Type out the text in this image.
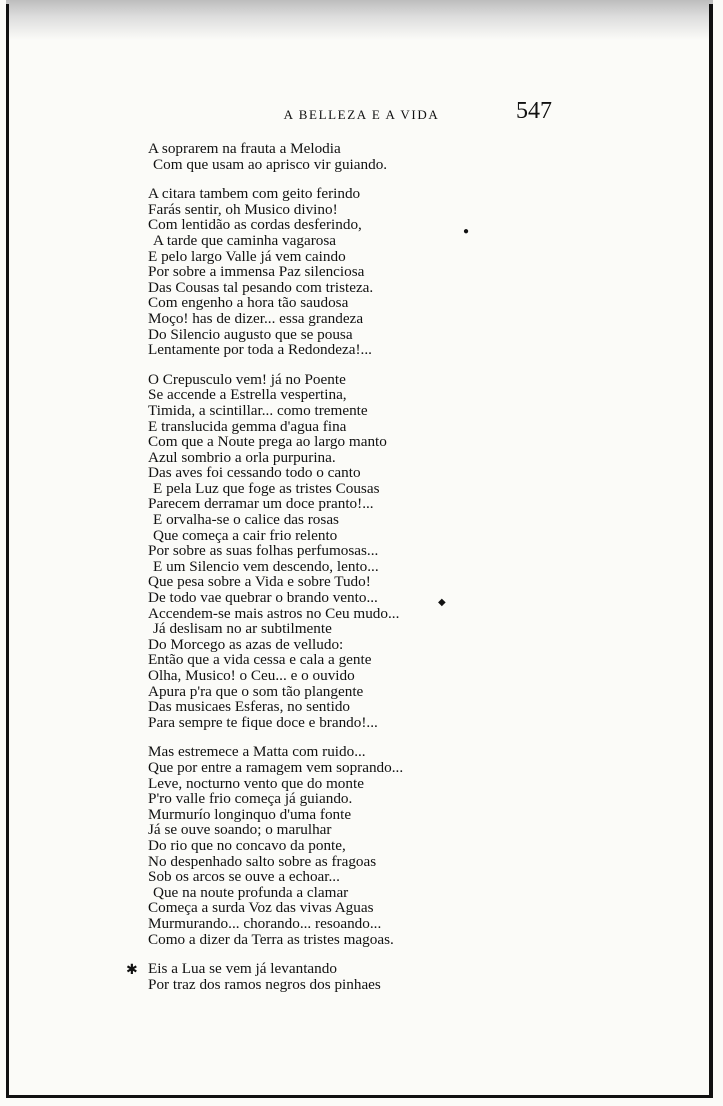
A BELLEZA E A VIDA	547
A soprarem na frauta a Melodia
Com que usam ao aprisco vir guiando.
A citara tambem com geito ferindo
Farás sentir, oh Musico divino!
Com lentidão as cordas desferindo,
A tarde que caminha vagarosa
E pelo largo Valle já vem caindo
Por sobre a immensa Paz silenciosa
Das Cousas tal pesando com tristeza.
Com engenho a hora tão saudosa
Moço! has de dizer... essa grandeza
Do Silencio augusto que se pousa
Lentamente por toda a Redondeza!...
O Crepusculo vem! já no Poente
Se accende a Estrella vespertina,
Timida, a scintillar... como tremente
E translucida gemma d'agua fina
Com que a Noute prega ao largo manto
Azul sombrio a orla purpurina.
Das aves foi cessando todo o canto
E pela Luz que foge as tristes Cousas
Parecem derramar um doce pranto!...
E orvalha-se o calice das rosas
Que começa a cair frio relento
Por sobre as suas folhas perfumosas...
E um Silencio vem descendo, lento...
Que pesa sobre a Vida e sobre Tudo!
De todo vae quebrar o brando vento...
Accendem-se mais astros no Ceu mudo...
Já deslisam no ar subtilmente
Do Morcego as azas de velludo:
Então que a vida cessa e cala a gente
Olha, Musico! o Ceu... e o ouvido
Apura p'ra que o som tão plangente
Das musicaes Esferas, no sentido
Para sempre te fique doce e brando!...
Mas estremece a Matta com ruido...
Que por entre a ramagem vem soprando...
Leve, nocturno vento que do monte
P'ro valle frio começa já guiando.
Murmurío longinquo d'uma fonte
Já se ouve soando; o marulhar
Do rio que no concavo da ponte,
No despenhado salto sobre as fragoas
Sob os arcos se ouve a echoar...
Que na noute profunda a clamar
Começa a surda Voz das vivas Aguas
Murmurando... chorando... resoando...
Como a dizer da Terra as tristes magoas.
Eis a Lua se vem já levantando
Por traz dos ramos negros dos pinhaes
●
◆
✱
